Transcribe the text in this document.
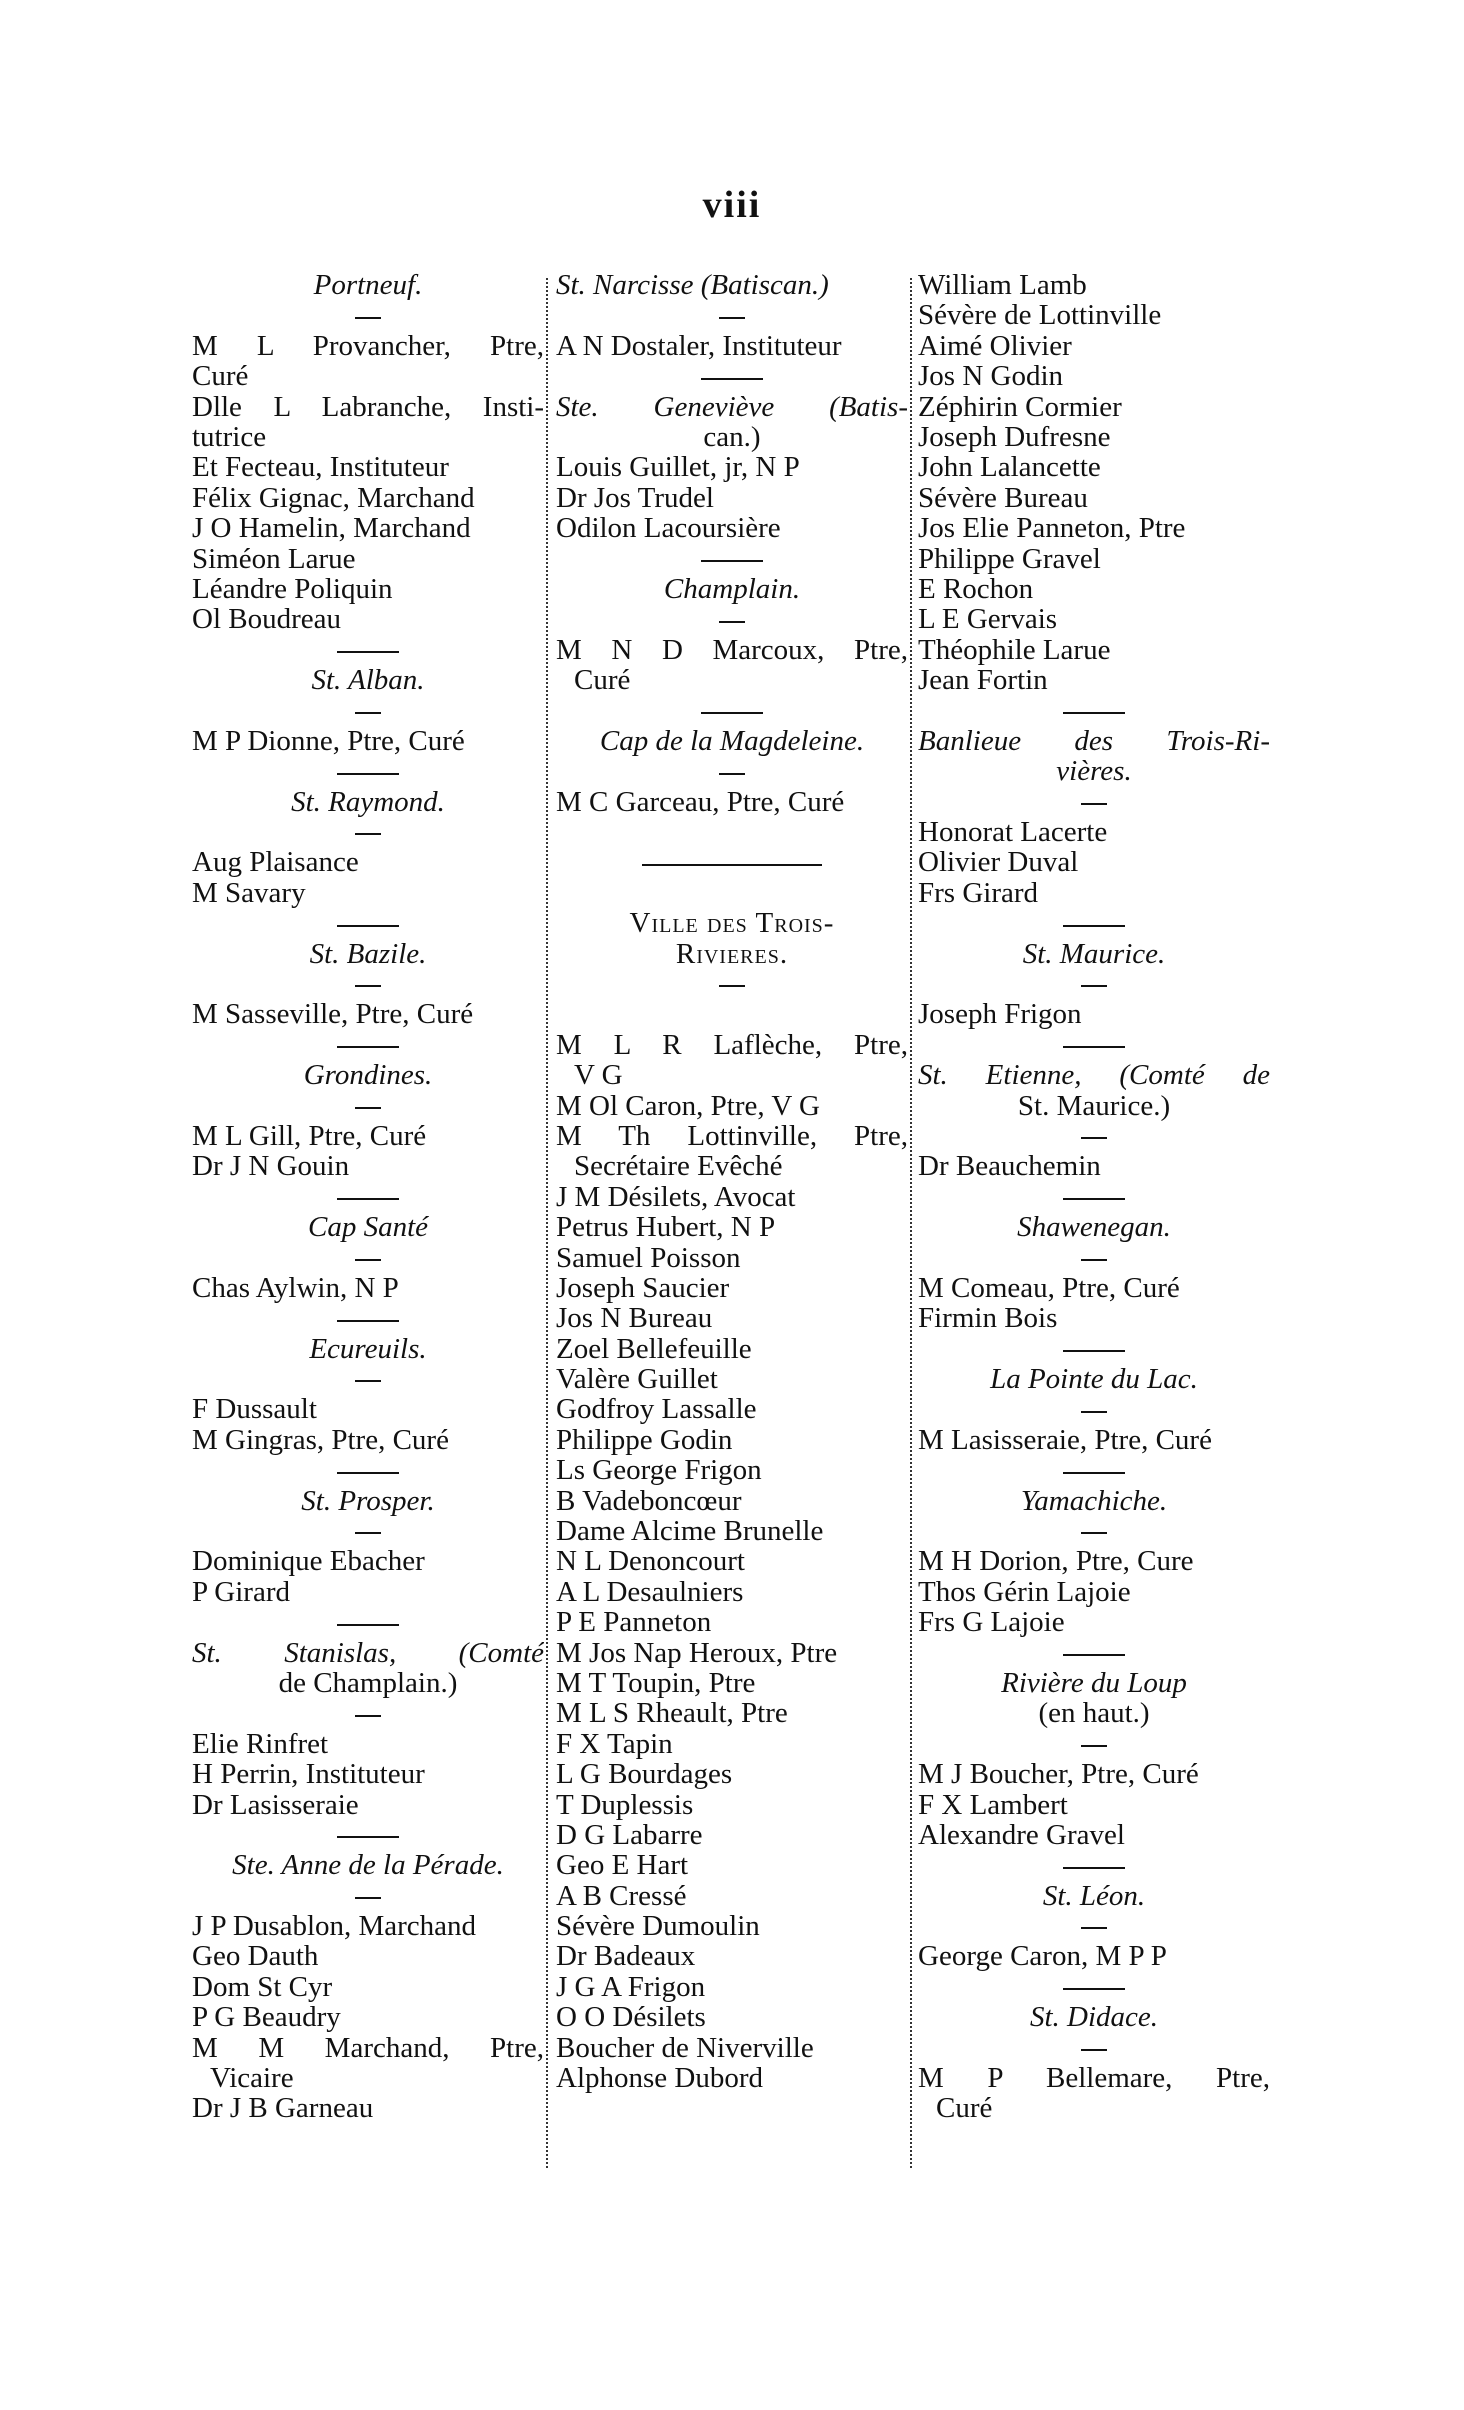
viii
Portneuf.
M L Provancher, Ptre,
Curé
Dlle L Labranche, Insti-
tutrice
Et Fecteau, Instituteur
Félix Gignac, Marchand
J O Hamelin, Marchand
Siméon Larue
Léandre Poliquin
Ol Boudreau
St. Alban.
M P Dionne, Ptre, Curé
St. Raymond.
Aug Plaisance
M Savary
St. Bazile.
M Sasseville, Ptre, Curé
Grondines.
M L Gill, Ptre, Curé
Dr J N Gouin
Cap Santé
Chas Aylwin, N P
Ecureuils.
F Dussault
M Gingras, Ptre, Curé
St. Prosper.
Dominique Ebacher
P Girard
St. Stanislas, (Comté
de Champlain.)
Elie Rinfret
H Perrin, Instituteur
Dr Lasisseraie
Ste. Anne de la Pérade.
J P Dusablon, Marchand
Geo Dauth
Dom St Cyr
P G Beaudry
M M Marchand, Ptre,
Vicaire
Dr J B Garneau
St. Narcisse (Batiscan.)
A N Dostaler, Instituteur
Ste. Geneviève (Batis-
can.)
Louis Guillet, jr, N P
Dr Jos Trudel
Odilon Lacoursière
Champlain.
M N D Marcoux, Ptre,
Curé
Cap de la Magdeleine.
M C Garceau, Ptre, Curé
Ville des Trois-
Rivieres.
M L R Laflèche, Ptre,
V G
M Ol Caron, Ptre, V G
M Th Lottinville, Ptre,
Secrétaire Evêché
J M Désilets, Avocat
Petrus Hubert, N P
Samuel Poisson
Joseph Saucier
Jos N Bureau
Zoel Bellefeuille
Valère Guillet
Godfroy Lassalle
Philippe Godin
Ls George Frigon
B Vadeboncœur
Dame Alcime Brunelle
N L Denoncourt
A L Desaulniers
P E Panneton
M Jos Nap Heroux, Ptre
M T Toupin, Ptre
M L S Rheault, Ptre
F X Tapin
L G Bourdages
T Duplessis
D G Labarre
Geo E Hart
A B Cressé
Sévère Dumoulin
Dr Badeaux
J G A Frigon
O O Désilets
Boucher de Niverville
Alphonse Dubord
William Lamb
Sévère de Lottinville
Aimé Olivier
Jos N Godin
Zéphirin Cormier
Joseph Dufresne
John Lalancette
Sévère Bureau
Jos Elie Panneton, Ptre
Philippe Gravel
E Rochon
L E Gervais
Théophile Larue
Jean Fortin
Banlieue des Trois-Ri-
vières.
Honorat Lacerte
Olivier Duval
Frs Girard
St. Maurice.
Joseph Frigon
St. Etienne, (Comté de
St. Maurice.)
Dr Beauchemin
Shawenegan.
M Comeau, Ptre, Curé
Firmin Bois
La Pointe du Lac.
M Lasisseraie, Ptre, Curé
Yamachiche.
M H Dorion, Ptre, Cure
Thos Gérin Lajoie
Frs G Lajoie
Rivière du Loup
(en haut.)
M J Boucher, Ptre, Curé
F X Lambert
Alexandre Gravel
St. Léon.
George Caron, M P P
St. Didace.
M P Bellemare, Ptre,
Curé
